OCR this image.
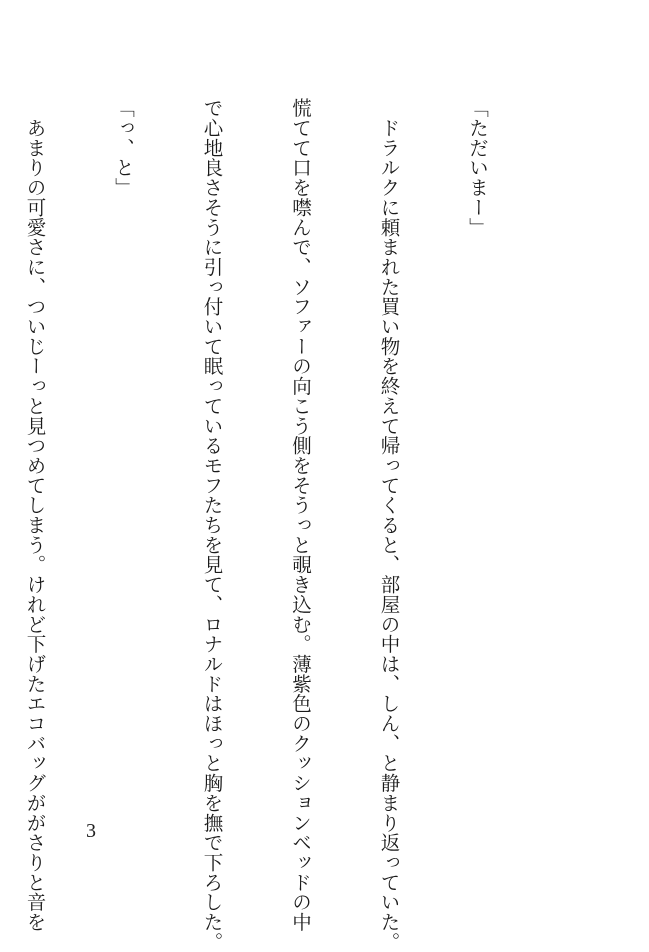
「ただいまー」

　ドラルクに頼まれた買い物を終えて帰ってくると、部屋の中は、しん、と静まり返っていた。

慌てて口を噤んで、ソファーの向こう側をそうっと覗き込む。薄紫色のクッションベッドの中

で心地良さそうに引っ付いて眠っているモフたちを見て、ロナルドはほっと胸を撫で下ろした。

「っ、と」

　あまりの可愛さに、ついじーっと見つめてしまう。けれど下げたエコバッグががさりと音を

3
